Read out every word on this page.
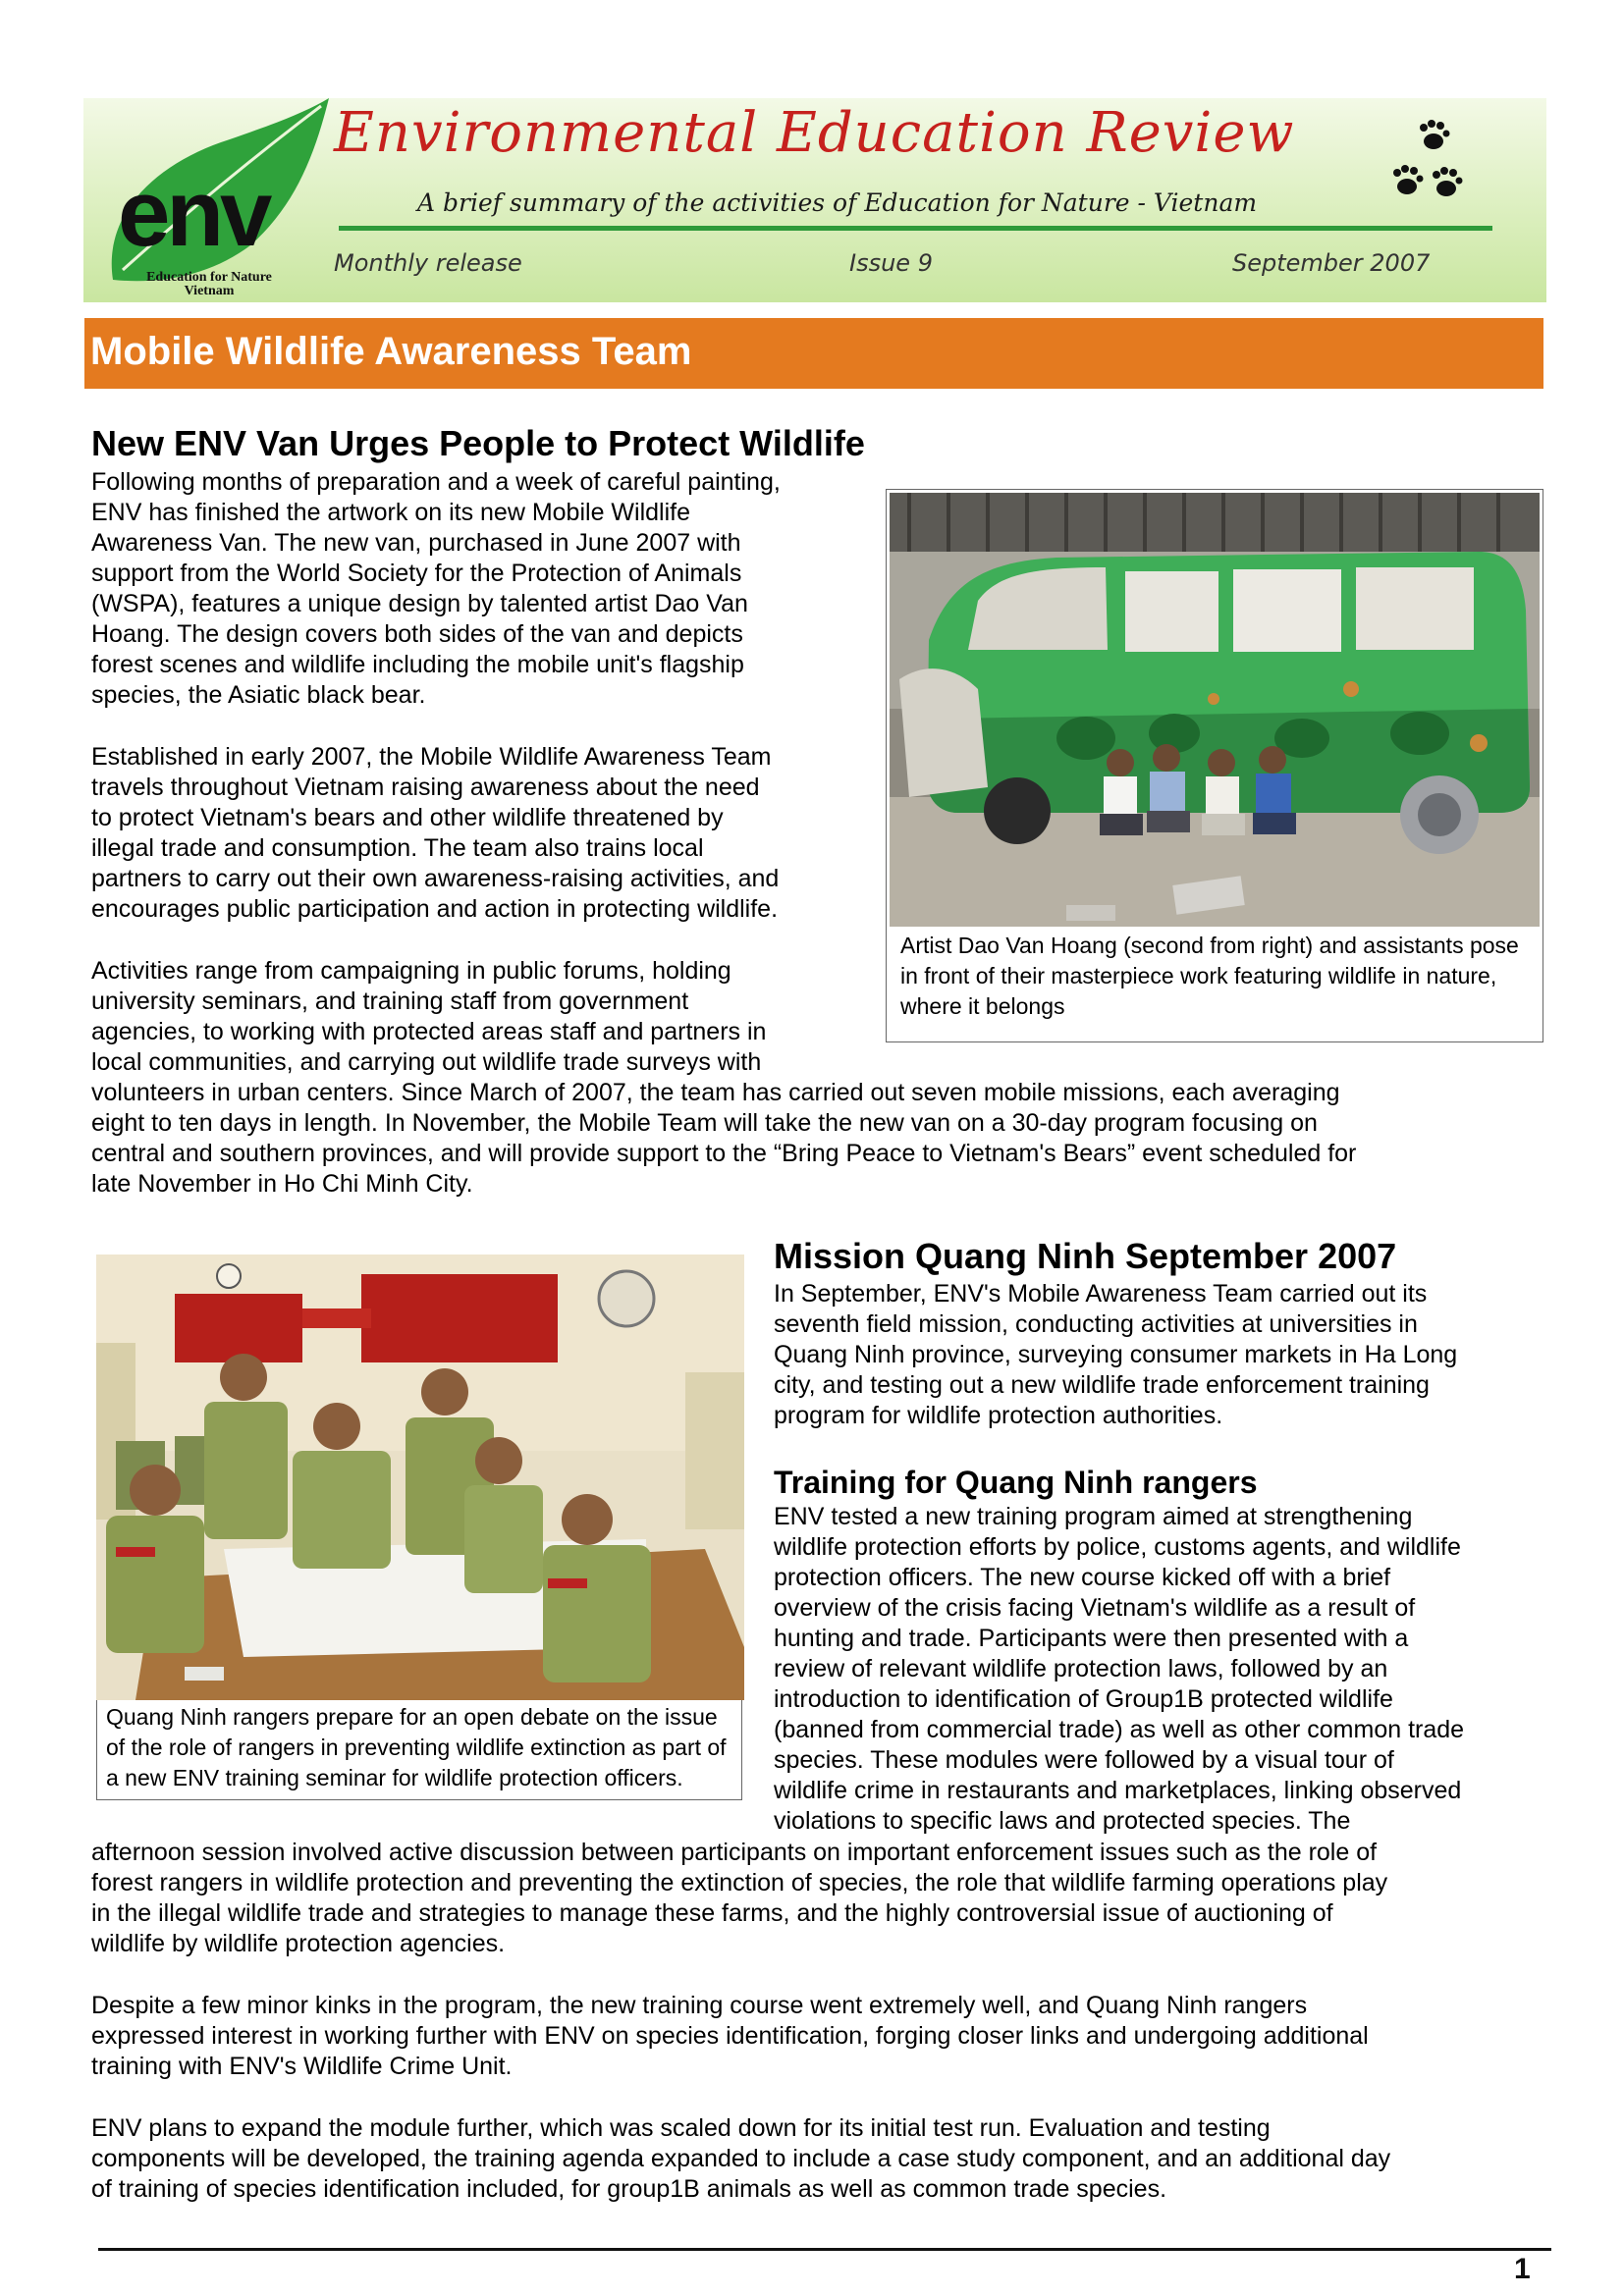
env
Education for Nature
Vietnam
Environmental Education Review
A brief summary of the activities of Education for Nature - Vietnam
Monthly release	Issue 9	September 2007
Mobile Wildlife Awareness Team
New ENV Van Urges People to Protect Wildlife
Following months of preparation and a week of careful painting,
ENV has finished the artwork on its new Mobile Wildlife
Awareness Van. The new van, purchased in June 2007 with
support from the World Society for the Protection of Animals
(WSPA), features a unique design by talented artist Dao Van
Hoang. The design covers both sides of the van and depicts
forest scenes and wildlife including the mobile unit's flagship
species, the Asiatic black bear.
Established in early 2007, the Mobile Wildlife Awareness Team
travels throughout Vietnam raising awareness about the need
to protect Vietnam's bears and other wildlife threatened by
illegal trade and consumption. The team also trains local
partners to carry out their own awareness-raising activities, and
encourages public participation and action in protecting wildlife.
Activities range from campaigning in public forums, holding
university seminars, and training staff from government
agencies, to working with protected areas staff and partners in
local communities, and carrying out wildlife trade surveys with
volunteers in urban centers. Since March of 2007, the team has carried out seven mobile missions, each averaging
eight to ten days in length. In November, the Mobile Team will take the new van on a 30-day program focusing on
central and southern provinces, and will provide support to the “Bring Peace to Vietnam's Bears” event scheduled for
late November in Ho Chi Minh City.
Artist Dao Van Hoang (second from right) and assistants pose
in front of their masterpiece work featuring wildlife in nature,
where it belongs
Mission Quang Ninh September 2007
In September, ENV's Mobile Awareness Team carried out its
seventh field mission, conducting activities at universities in
Quang Ninh province, surveying consumer markets in Ha Long
city, and testing out a new wildlife trade enforcement training
program for wildlife protection authorities.
Training for Quang Ninh rangers
ENV tested a new training program aimed at strengthening
wildlife protection efforts by police, customs agents, and wildlife
protection officers. The new course kicked off with a brief
overview of the crisis facing Vietnam's wildlife as a result of
hunting and trade. Participants were then presented with a
review of relevant wildlife protection laws, followed by an
introduction to identification of Group1B protected wildlife
(banned from commercial trade) as well as other common trade
species. These modules were followed by a visual tour of
wildlife crime in restaurants and marketplaces, linking observed
violations to specific laws and protected species. The
afternoon session involved active discussion between participants on important enforcement issues such as the role of
forest rangers in wildlife protection and preventing the extinction of species, the role that wildlife farming operations play
in the illegal wildlife trade and strategies to manage these farms, and the highly controversial issue of auctioning of
wildlife by wildlife protection agencies.
Despite a few minor kinks in the program, the new training course went extremely well, and Quang Ninh rangers
expressed interest in working further with ENV on species identification, forging closer links and undergoing additional
training with ENV's Wildlife Crime Unit.
ENV plans to expand the module further, which was scaled down for its initial test run. Evaluation and testing
components will be developed, the training agenda expanded to include a case study component, and an additional day
of training of species identification included, for group1B animals as well as common trade species.
Quang Ninh rangers prepare for an open debate on the issue
of the role of rangers in preventing wildlife extinction as part of
a new ENV training seminar for wildlife protection officers.
1
